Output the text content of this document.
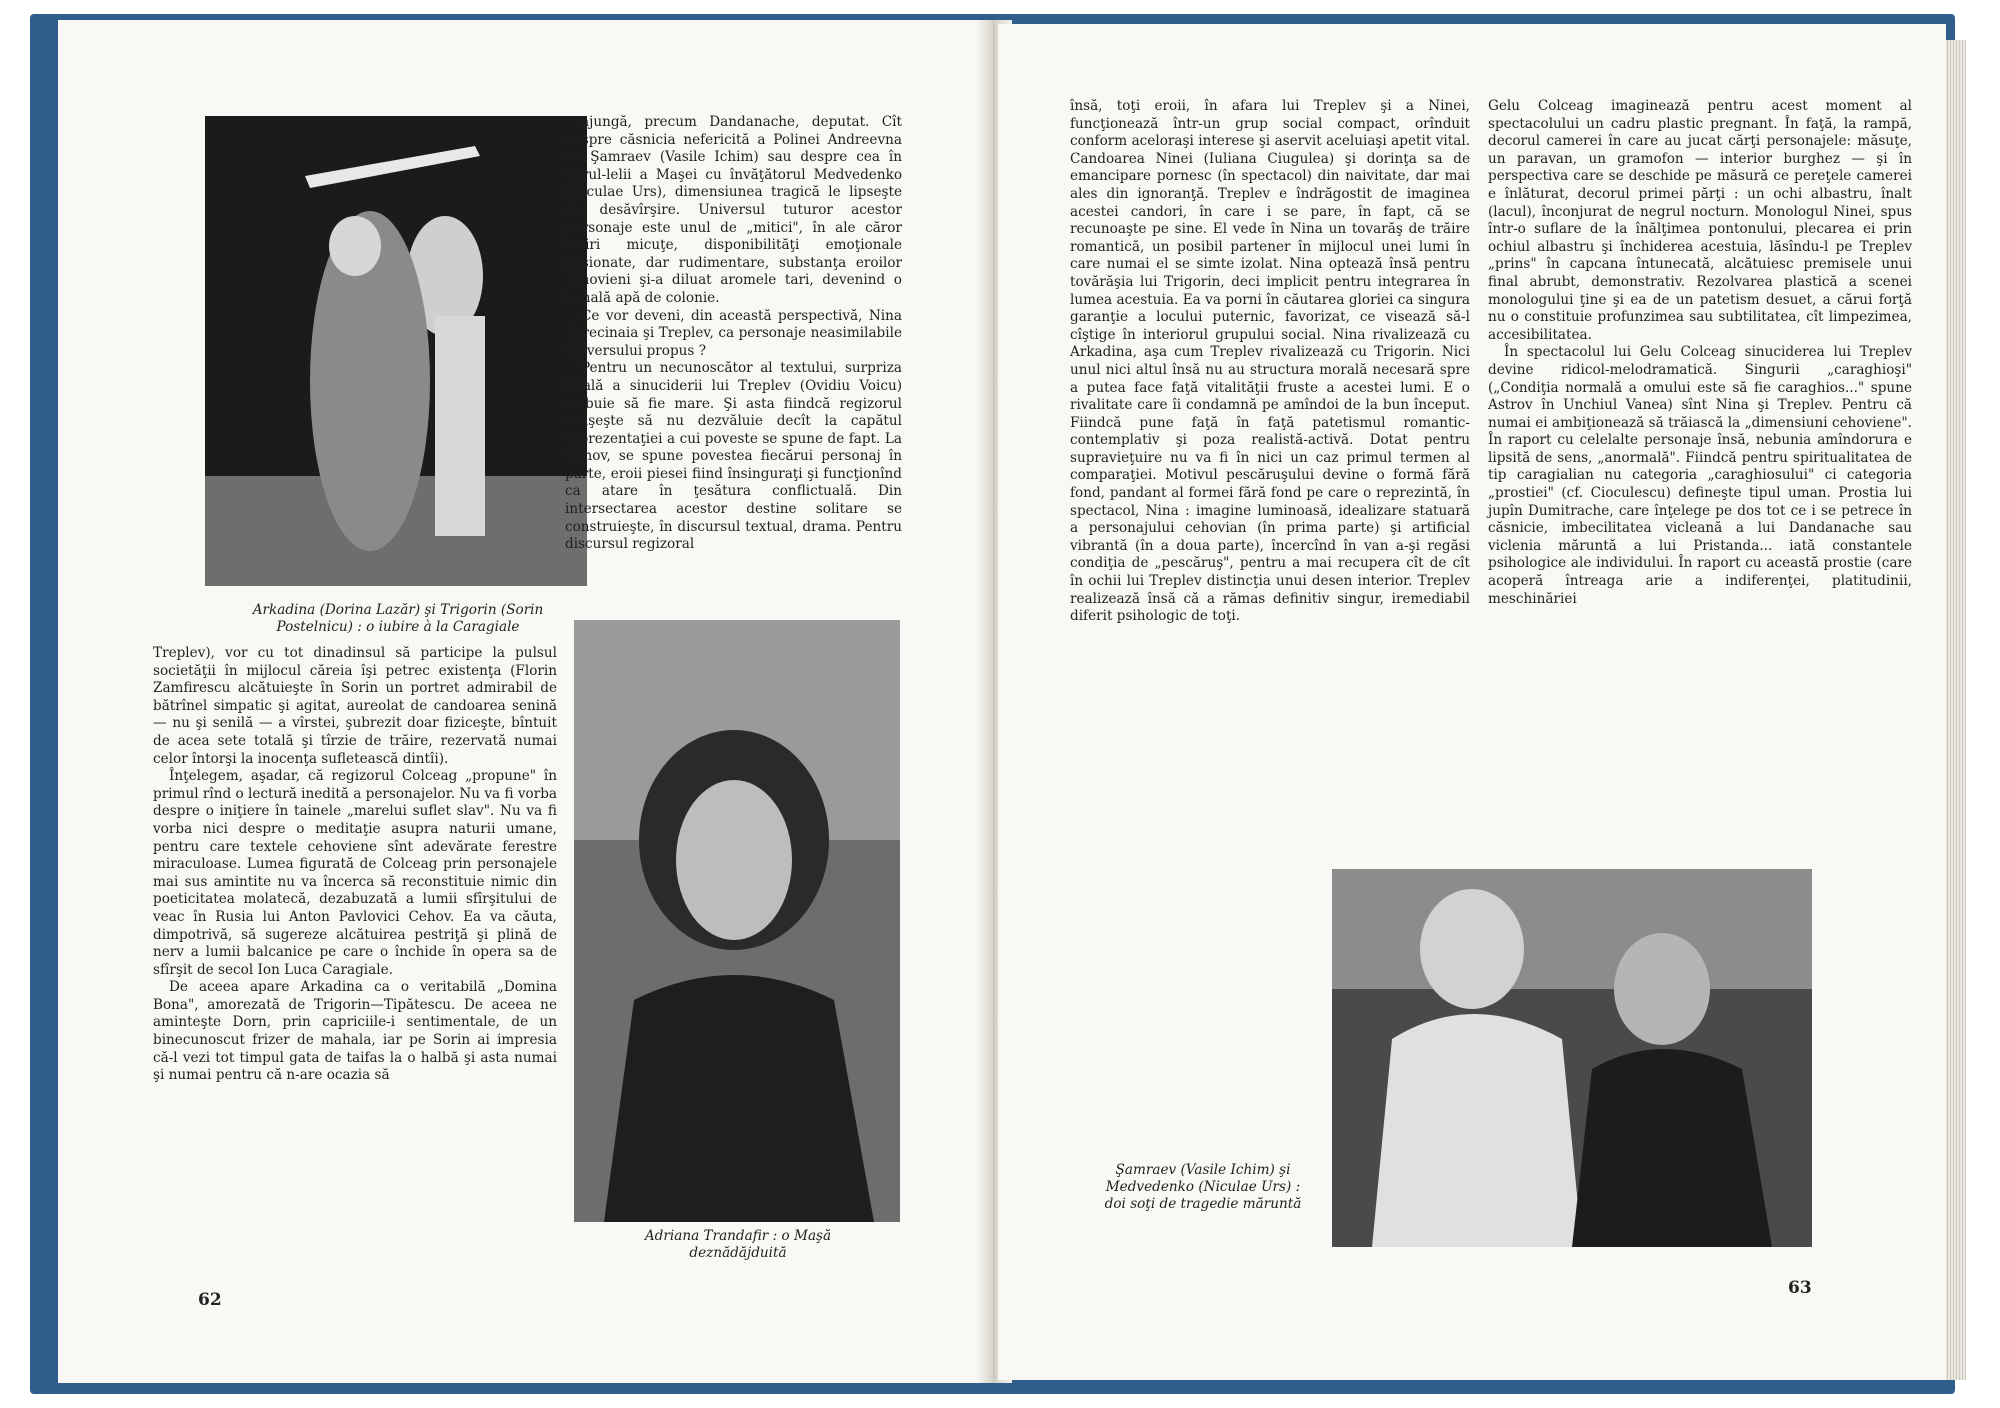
Arkadina (Dorina Lazăr) şi Trigorin (Sorin Postelnicu) : o iubire à la Caragiale

ajungă, precum Dandanache, deputat. Cît despre căsnicia nefericită a Polinei Andreevna cu Şamraev (Vasile Ichim) sau despre cea în dorul-lelii a Maşei cu învăţătorul Medvedenko (Niculae Urs), dimensiunea tragică le lipseşte cu desăvîrşire. Universul tuturor acestor personaje este unul de „mitici", în ale căror trăiri micuţe, disponibilităţi emoţionale pasionate, dar rudimentare, substanţa eroilor cehovieni şi-a diluat aromele tari, devenind o banală apă de colonie.

Ce vor deveni, din această perspectivă, Nina Zarecinaia şi Treplev, ca personaje neasimilabile universului propus ?

Pentru un necunoscător al textului, surpriza finală a sinuciderii lui Treplev (Ovidiu Voicu) trebuie să fie mare. Şi asta fiindcă regizorul reuşeşte să nu dezvăluie decît la capătul reprezentaţiei a cui poveste se spune de fapt. La Cehov, se spune povestea fiecărui personaj în parte, eroii piesei fiind însinguraţi şi funcţionînd ca atare în ţesătura conflictuală. Din intersectarea acestor destine solitare se construieşte, în discursul textual, drama. Pentru discursul regizoral

Adriana Trandafir : o Maşă deznădăjduită

Treplev), vor cu tot dinadinsul să participe la pulsul societăţii în mijlocul căreia îşi petrec existenţa (Florin Zamfirescu alcătuieşte în Sorin un portret admirabil de bătrînel simpatic şi agitat, aureolat de candoarea senină — nu şi senilă — a vîrstei, şubrezit doar fiziceşte, bîntuit de acea sete totală şi tîrzie de trăire, rezervată numai celor întorşi la inocenţa sufletească dintîi).

Înţelegem, aşadar, că regizorul Colceag „propune" în primul rînd o lectură inedită a personajelor. Nu va fi vorba despre o iniţiere în tainele „marelui suflet slav". Nu va fi vorba nici despre o meditaţie asupra naturii umane, pentru care textele cehoviene sînt adevărate ferestre miraculoase. Lumea figurată de Colceag prin personajele mai sus amintite nu va încerca să reconstituie nimic din poeticitatea molatecă, dezabuzată a lumii sfîrşitului de veac în Rusia lui Anton Pavlovici Cehov. Ea va căuta, dimpotrivă, să sugereze alcătuirea pestriţă şi plină de nerv a lumii balcanice pe care o închide în opera sa de sfîrşit de secol Ion Luca Caragiale.

De aceea apare Arkadina ca o veritabilă „Domina Bona", amorezată de Trigorin—Tipătescu. De aceea ne aminteşte Dorn, prin capriciile-i sentimentale, de un binecunoscut frizer de mahala, iar pe Sorin ai impresia că-l vezi tot timpul gata de taifas la o halbă şi asta numai şi numai pentru că n-are ocazia să

62

însă, toţi eroii, în afara lui Treplev şi a Ninei, funcţionează într-un grup social compact, orînduit conform aceloraşi interese şi aservit aceluiaşi apetit vital. Candoarea Ninei (Iuliana Ciugulea) şi dorinţa sa de emancipare pornesc (în spectacol) din naivitate, dar mai ales din ignoranţă. Treplev e îndrăgostit de imaginea acestei candori, în care i se pare, în fapt, că se recunoaşte pe sine. El vede în Nina un tovarăş de trăire romantică, un posibil partener în mijlocul unei lumi în care numai el se simte izolat. Nina optează însă pentru tovărăşia lui Trigorin, deci implicit pentru integrarea în lumea acestuia. Ea va porni în căutarea gloriei ca singura garanţie a locului puternic, favorizat, ce visează să-l cîştige în interiorul grupului social. Nina rivalizează cu Arkadina, aşa cum Treplev rivalizează cu Trigorin. Nici unul nici altul însă nu au structura morală necesară spre a putea face faţă vitalităţii fruste a acestei lumi. E o rivalitate care îi condamnă pe amîndoi de la bun început. Fiindcă pune faţă în faţă patetismul romantic-contemplativ şi poza realistă-activă. Dotat pentru supravieţuire nu va fi în nici un caz primul termen al comparaţiei. Motivul pescăruşului devine o formă fără fond, pandant al formei fără fond pe care o reprezintă, în spectacol, Nina : imagine luminoasă, idealizare statuară a personajului cehovian (în prima parte) şi artificial vibrantă (în a doua parte), încercînd în van a-şi regăsi condiţia de „pescăruş", pentru a mai recupera cît de cît în ochii lui Treplev distincţia unui desen interior. Treplev realizează însă că a rămas definitiv singur, iremediabil diferit psihologic de toţi.

Gelu Colceag imaginează pentru acest moment al spectacolului un cadru plastic pregnant. În faţă, la rampă, decorul camerei în care au jucat cărţi personajele: măsuţe, un paravan, un gramofon — interior burghez — şi în perspectiva care se deschide pe măsură ce pereţele camerei e înlăturat, decorul primei părţi : un ochi albastru, înalt (lacul), înconjurat de negrul nocturn. Monologul Ninei, spus într-o suflare de la înălţimea pontonului, plecarea ei prin ochiul albastru şi închiderea acestuia, lăsîndu-l pe Treplev „prins" în capcana întunecată, alcătuiesc premisele unui final abrubt, demonstrativ. Rezolvarea plastică a scenei monologului ţine şi ea de un patetism desuet, a cărui forţă nu o constituie profunzimea sau subtilitatea, cît limpezimea, accesibilitatea.

În spectacolul lui Gelu Colceag sinuciderea lui Treplev devine ridicol-melodramatică. Singurii „caraghioşi" („Condiţia normală a omului este să fie caraghios..." spune Astrov în Unchiul Vanea) sînt Nina şi Treplev. Pentru că numai ei ambiţionează să trăiască la „dimensiuni cehoviene". În raport cu celelalte personaje însă, nebunia amîndorura e lipsită de sens, „anormală". Fiindcă pentru spiritualitatea de tip caragialian nu categoria „caraghiosului" ci categoria „prostiei" (cf. Cioculescu) defineşte tipul uman. Prostia lui jupîn Dumitrache, care înţelege pe dos tot ce i se petrece în căsnicie, imbecilitatea vicleană a lui Dandanache sau viclenia măruntă a lui Pristanda... iată constantele psihologice ale individului. În raport cu această prostie (care acoperă întreaga arie a indiferenţei, platitudinii, meschinăriei

Şamraev (Vasile Ichim) şi Medvedenko (Niculae Urs) : doi soţi de tragedie măruntă
63
